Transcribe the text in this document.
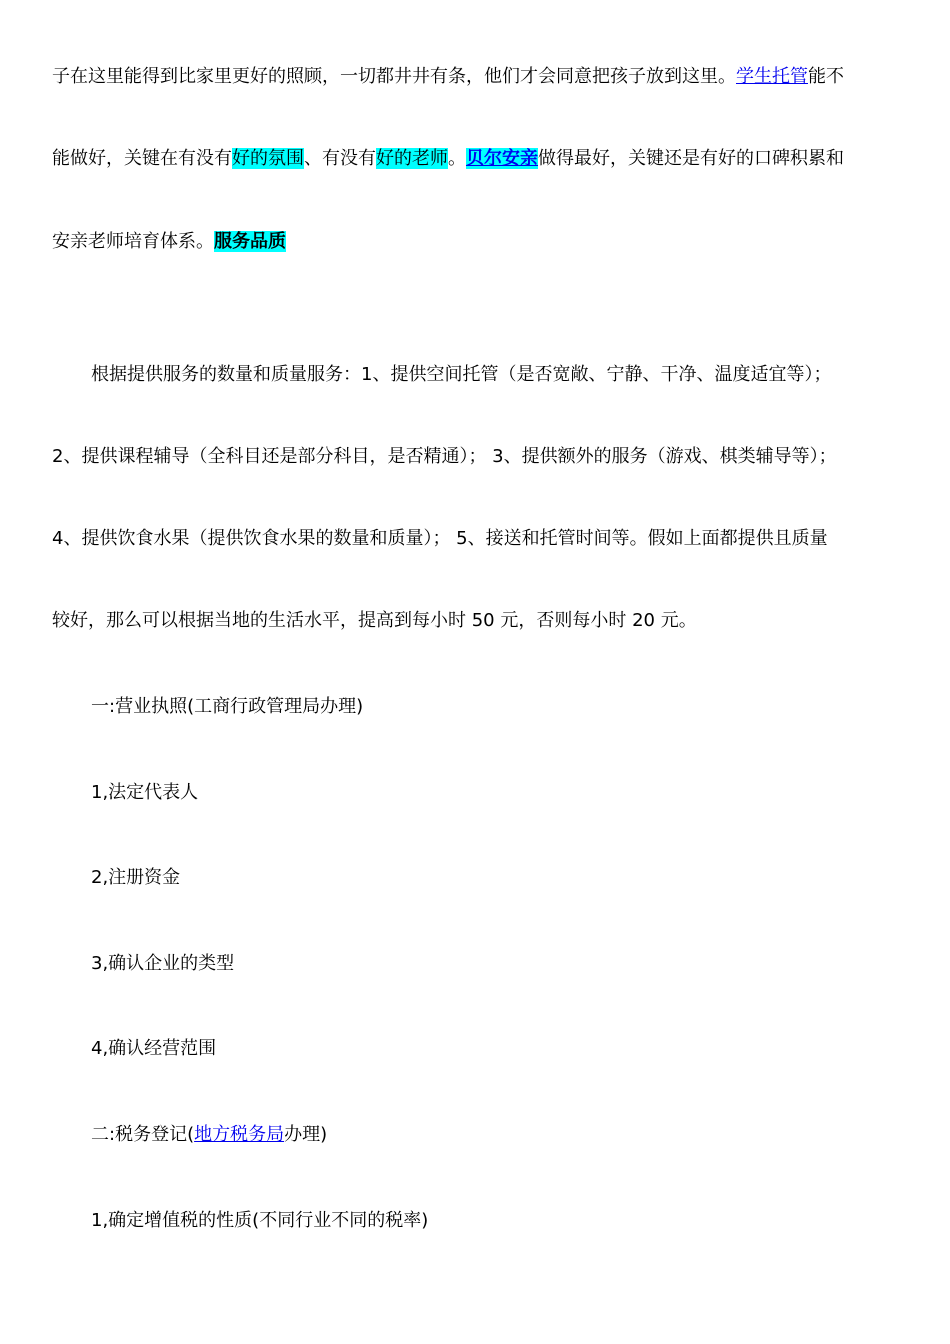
子在这里能得到比家里更好的照顾，一切都井井有条，他们才会同意把孩子放到这里。学生托管能不
能做好，关键在有没有好的氛围、有没有好的老师。贝尔安亲做得最好，关键还是有好的口碑积累和
安亲老师培育体系。服务品质
根据提供服务的数量和质量服务：1、提供空间托管（是否宽敞、宁静、干净、温度适宜等）；
2、提供课程辅导（全科目还是部分科目，是否精通）； 3、提供额外的服务（游戏、棋类辅导等）；
4、提供饮食水果（提供饮食水果的数量和质量）； 5、接送和托管时间等。假如上面都提供且质量
较好，那么可以根据当地的生活水平，提高到每小时 50 元，否则每小时 20 元。
一:营业执照(工商行政管理局办理)
1,法定代表人
2,注册资金
3,确认企业的类型
4,确认经营范围
二:税务登记(地方税务局办理)
1,确定增值税的性质(不同行业不同的税率)
